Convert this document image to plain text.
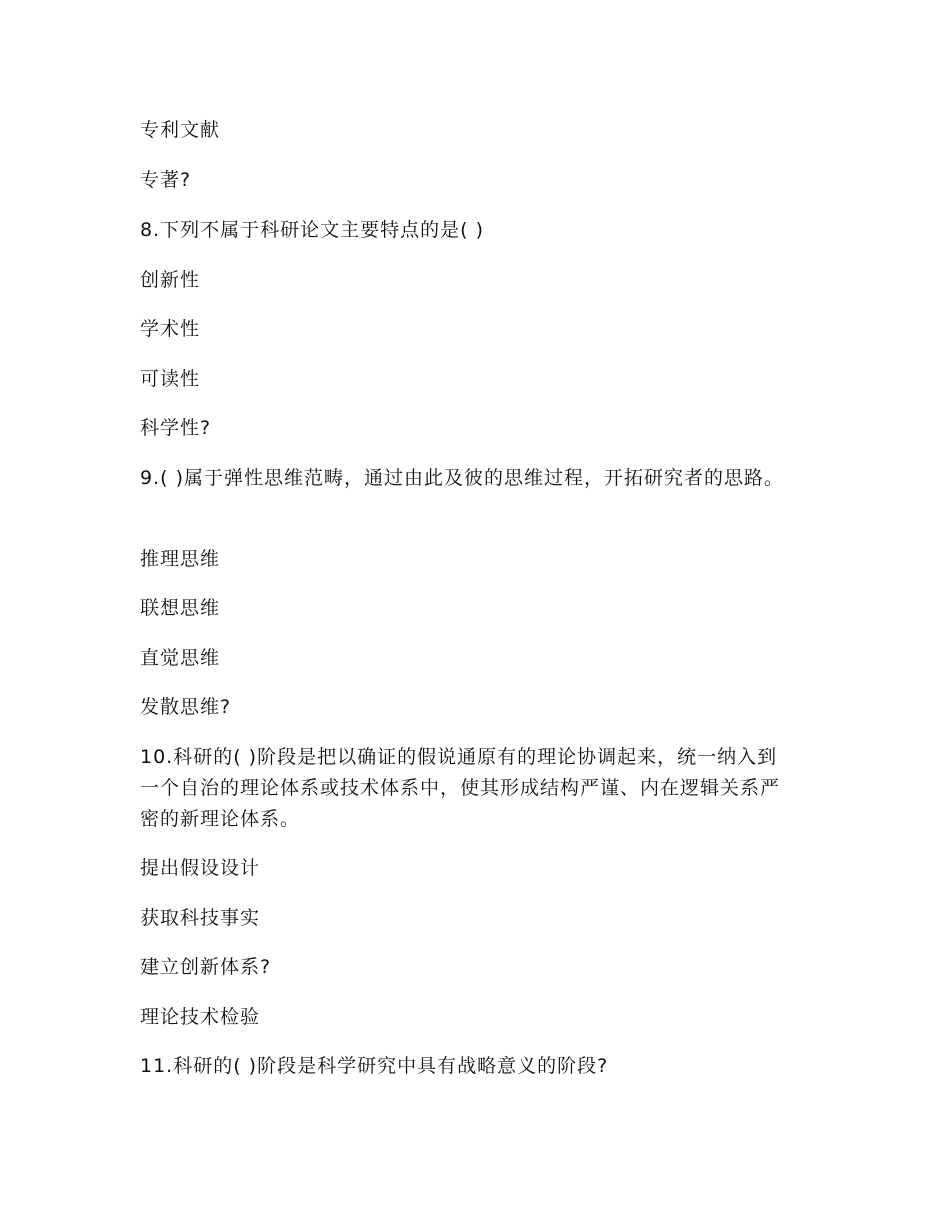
专利文献
专著?
8.下列不属于科研论文主要特点的是( )
创新性
学术性
可读性
科学性?
9.( )属于弹性思维范畴，通过由此及彼的思维过程，开拓研究者的思路。
推理思维
联想思维
直觉思维
发散思维?
10.科研的( )阶段是把以确证的假说通原有的理论协调起来，统一纳入到
一个自治的理论体系或技术体系中，使其形成结构严谨、内在逻辑关系严
密的新理论体系。
提出假设设计
获取科技事实
建立创新体系?
理论技术检验
11.科研的( )阶段是科学研究中具有战略意义的阶段?
